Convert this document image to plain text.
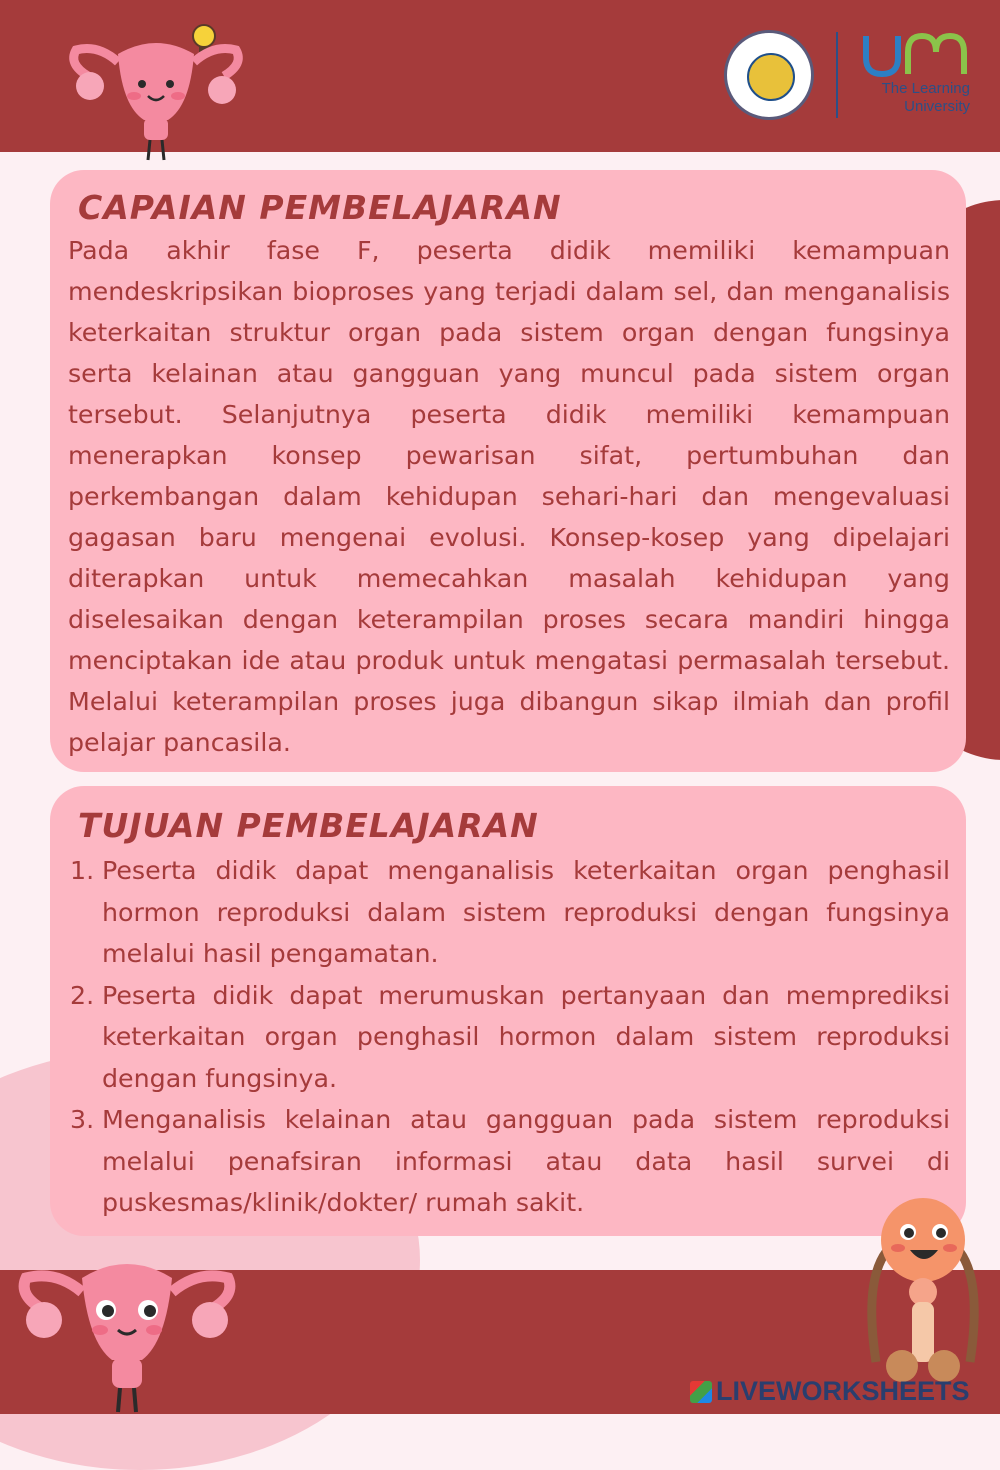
The Learning
University
CAPAIAN PEMBELAJARAN

Pada akhir fase F, peserta didik memiliki kemampuan mendeskripsikan bioproses yang terjadi dalam sel, dan menganalisis keterkaitan struktur organ pada sistem organ dengan fungsinya serta kelainan atau gangguan yang muncul pada sistem organ tersebut. Selanjutnya peserta didik memiliki kemampuan menerapkan konsep pewarisan sifat, pertumbuhan dan perkembangan dalam kehidupan sehari-hari dan mengevaluasi gagasan baru mengenai evolusi. Konsep-kosep yang dipelajari diterapkan untuk memecahkan masalah kehidupan yang diselesaikan dengan keterampilan proses secara mandiri hingga menciptakan ide atau produk untuk mengatasi permasalah tersebut. Melalui keterampilan proses juga dibangun sikap ilmiah dan profil pelajar pancasila.

TUJUAN PEMBELAJARAN
1. Peserta didik dapat menganalisis keterkaitan organ penghasil hormon reproduksi dalam sistem reproduksi dengan fungsinya melalui hasil pengamatan.
2. Peserta didik dapat merumuskan pertanyaan dan memprediksi keterkaitan organ penghasil hormon dalam sistem reproduksi dengan fungsinya.
3. Menganalisis kelainan atau gangguan pada sistem reproduksi melalui penafsiran informasi atau data hasil survei di puskesmas/klinik/dokter/ rumah sakit.
LIVEWORKSHEETS
